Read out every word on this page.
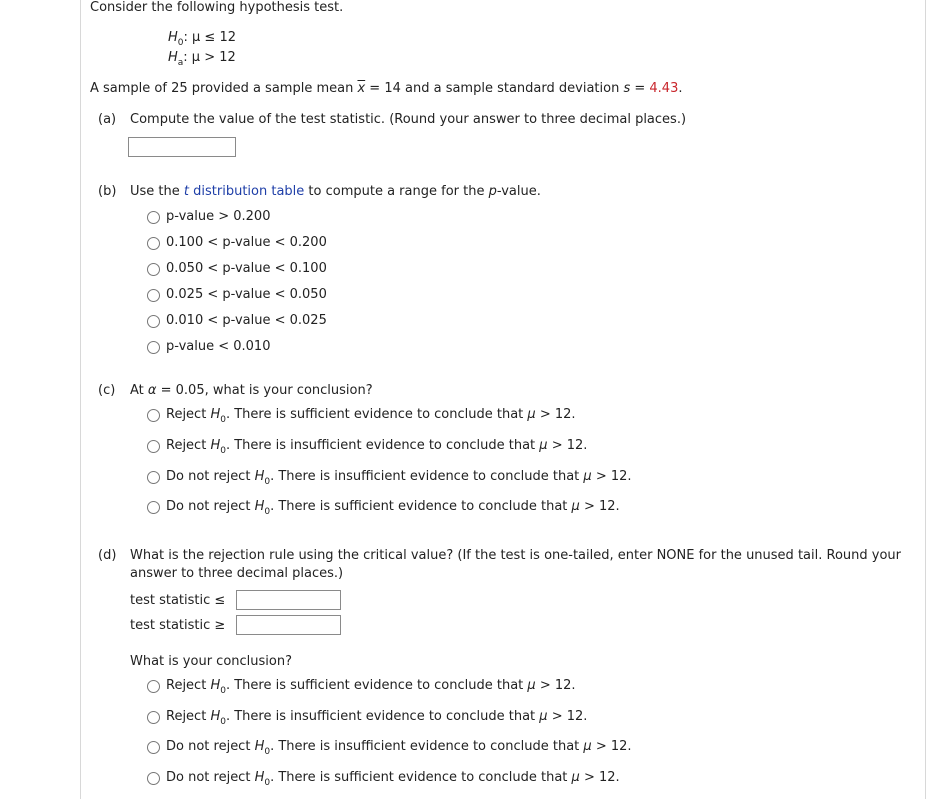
Consider the following hypothesis test.
$H_0$: μ ≤ 12
$H_a$: μ > 12
A sample of 25 provided a sample mean $\overline{x} = 14$ and a sample standard deviation s = 4.43.
(a) Compute the value of the test statistic. (Round your answer to three decimal places.)
(b) Use the t distribution table to compute a range for the p-value.
p-value > 0.200
0.100 < p-value < 0.200
0.050 < p-value < 0.100
0.025 < p-value < 0.050
0.010 < p-value < 0.025
p-value < 0.010
(c) At α = 0.05, what is your conclusion?
Reject $H_0$. There is sufficient evidence to conclude that μ > 12.
Reject $H_0$. There is insufficient evidence to conclude that μ > 12.
Do not reject $H_0$. There is insufficient evidence to conclude that μ > 12.
Do not reject $H_0$. There is sufficient evidence to conclude that μ > 12.
(d) What is the rejection rule using the critical value? (If the test is one-tailed, enter NONE for the unused tail. Round your
answer to three decimal places.)
test statistic ≤
test statistic ≥
What is your conclusion?
Reject $H_0$. There is sufficient evidence to conclude that μ > 12.
Reject $H_0$. There is insufficient evidence to conclude that μ > 12.
Do not reject $H_0$. There is insufficient evidence to conclude that μ > 12.
Do not reject $H_0$. There is sufficient evidence to conclude that μ > 12.
